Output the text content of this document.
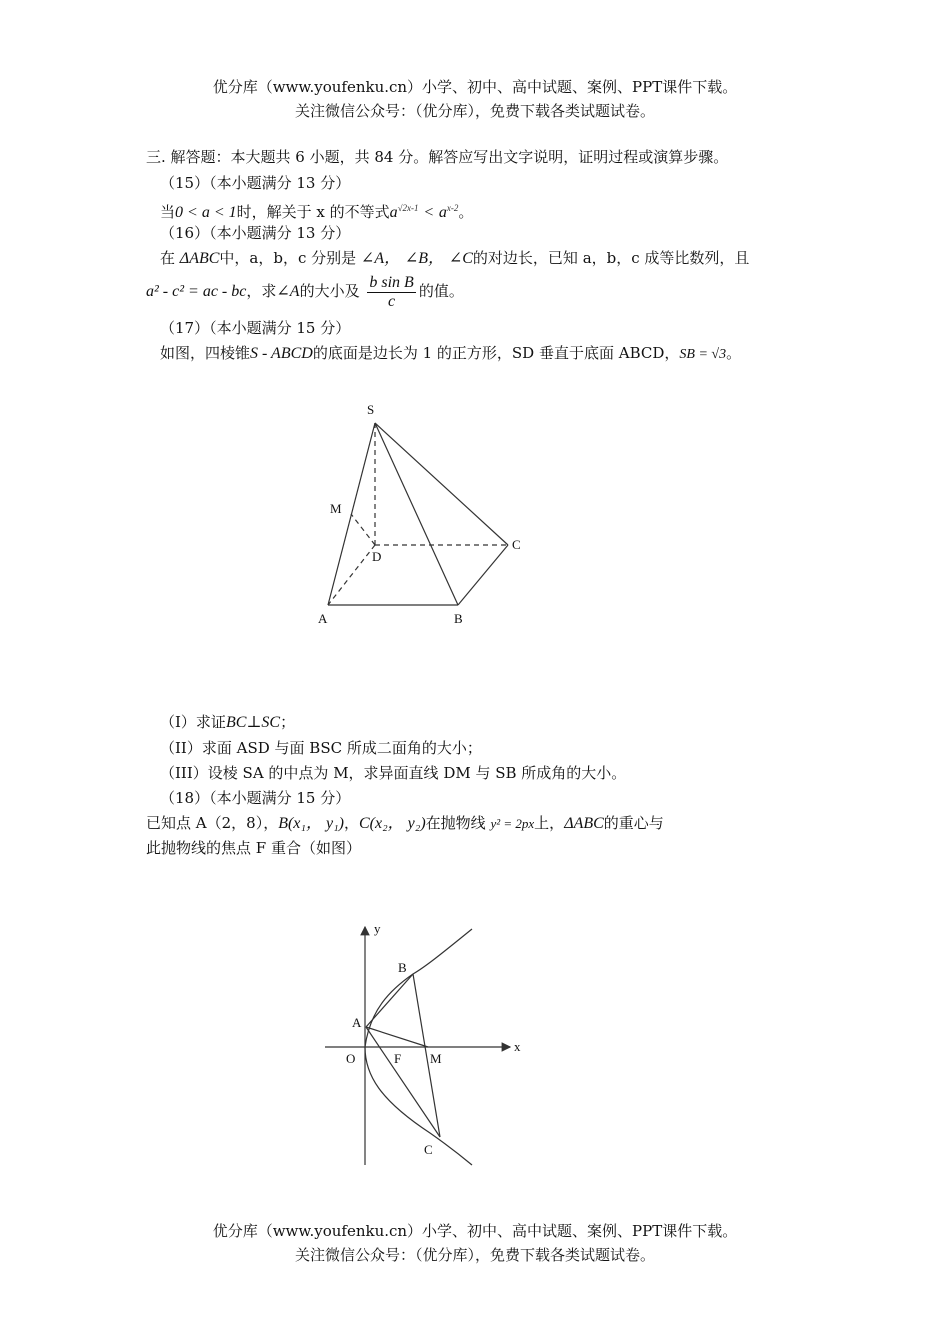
优分库（www.youfenku.cn）小学、初中、高中试题、案例、PPT课件下载。
关注微信公众号：（优分库），免费下载各类试题试卷。
三. 解答题：本大题共 6 小题，共 84 分。解答应写出文字说明，证明过程或演算步骤。
（15）（本小题满分 13 分）
当0 < a < 1时，解关于 x 的不等式$a^{√2x-1} < a^{x-2}$。
（16）（本小题满分 13 分）
在 ΔABC中，a，b，c 分别是 ∠A， ∠B， ∠C的对边长，已知 a，b，c 成等比数列，且
a² - c² = ac - bc，求∠A的大小及 $\frac{\text{b sin B}}{c}$ 的值。
（17）（本小题满分 15 分）
如图，四棱锥S - ABCD的底面是边长为 1 的正方形，SD 垂直于底面 ABCD，SB = √3。
S
M
D
C
A	B
（I）求证BC⊥SC；
（II）求面 ASD 与面 BSC 所成二面角的大小；
（III）设棱 SA 的中点为 M，求异面直线 DM 与 SB 所成角的大小。
（18）（本小题满分 15 分）
已知点 A（2，8），B(x₁， y₁)，C(x₂， y₂)在抛物线 y² = 2px上，ΔABC的重心与
此抛物线的焦点 F 重合（如图）
y
x
O
A
B
C
F M
优分库（www.youfenku.cn）小学、初中、高中试题、案例、PPT课件下载。
关注微信公众号：（优分库），免费下载各类试题试卷。
